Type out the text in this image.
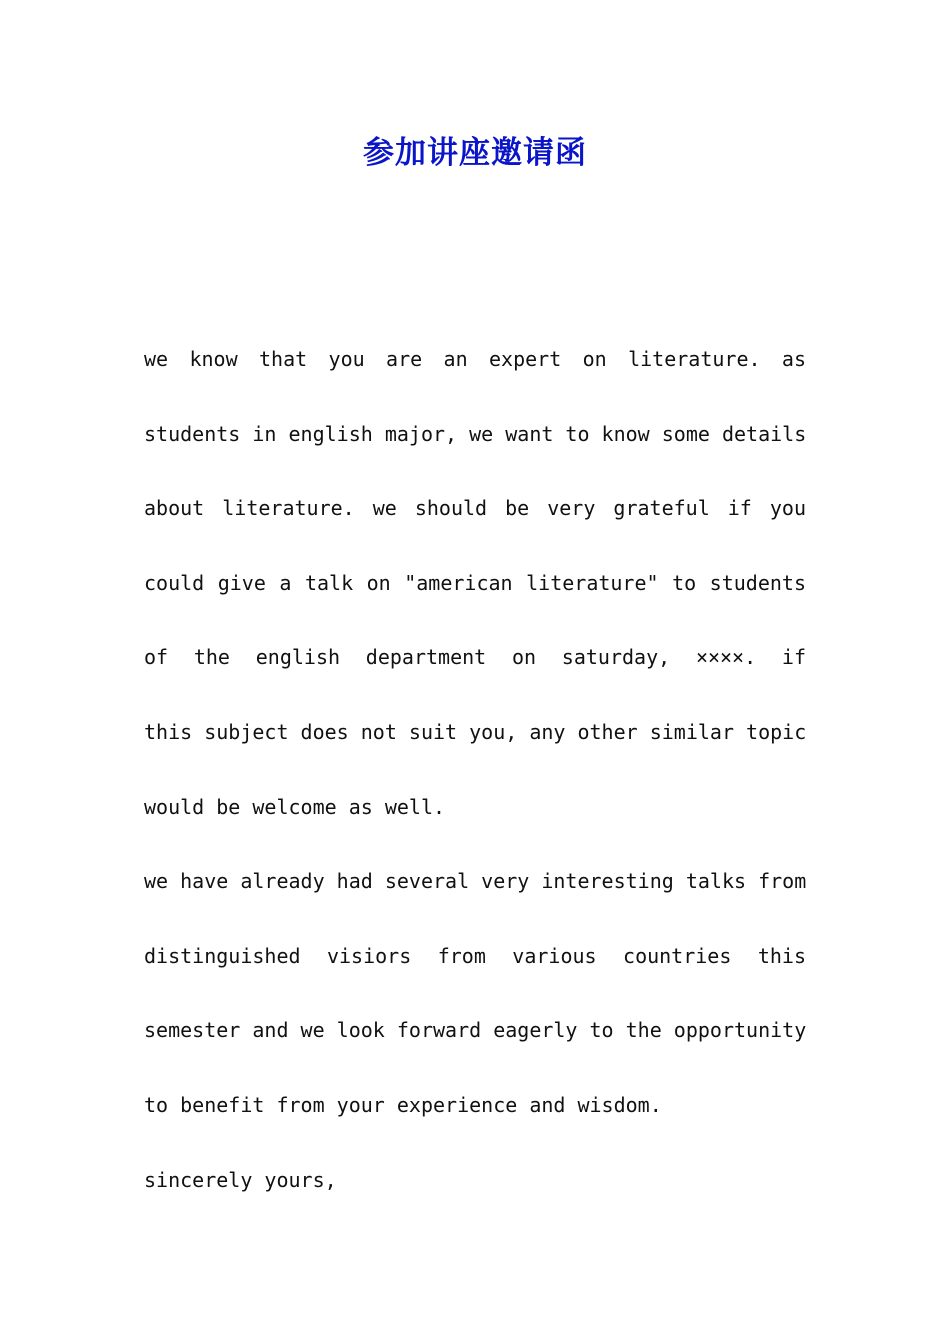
参加讲座邀请函
we know that you are an expert on literature. as
students in english major, we want to know some details
about literature. we should be very grateful if you
could give a talk on "american literature" to students
of the english department on saturday, ××××. if
this subject does not suit you, any other similar topic
would be welcome as well.
we have already had several very interesting talks from
distinguished visiors from various countries this
semester and we look forward eagerly to the opportunity
to benefit from your experience and wisdom.
sincerely yours,
